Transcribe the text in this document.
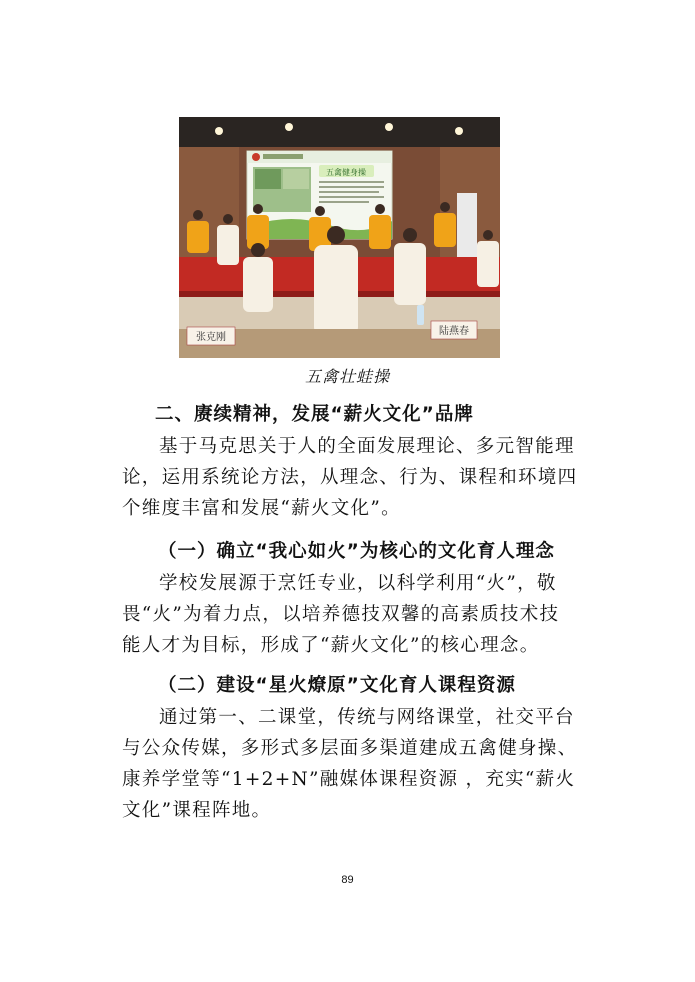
五禽健身操
张克刚
陆燕春
五禽壮蛙操
二、赓续精神，发展“薪火文化”品牌

基于马克思关于人的全面发展理论、多元智能理论，运用系统论方法，从理念、行为、课程和环境四个维度丰富和发展“薪火文化”。

（一）确立“我心如火”为核心的文化育人理念

学校发展源于烹饪专业，以科学利用“火”，敬畏“火”为着力点，以培养德技双馨的高素质技术技能人才为目标，形成了“薪火文化”的核心理念。

（二）建设“星火燎原”文化育人课程资源

通过第一、二课堂，传统与网络课堂，社交平台与公众传媒，多形式多层面多渠道建成五禽健身操、康养学堂等“1+2+N”融媒体课程资源 ，充实“薪火文化”课程阵地。

89
